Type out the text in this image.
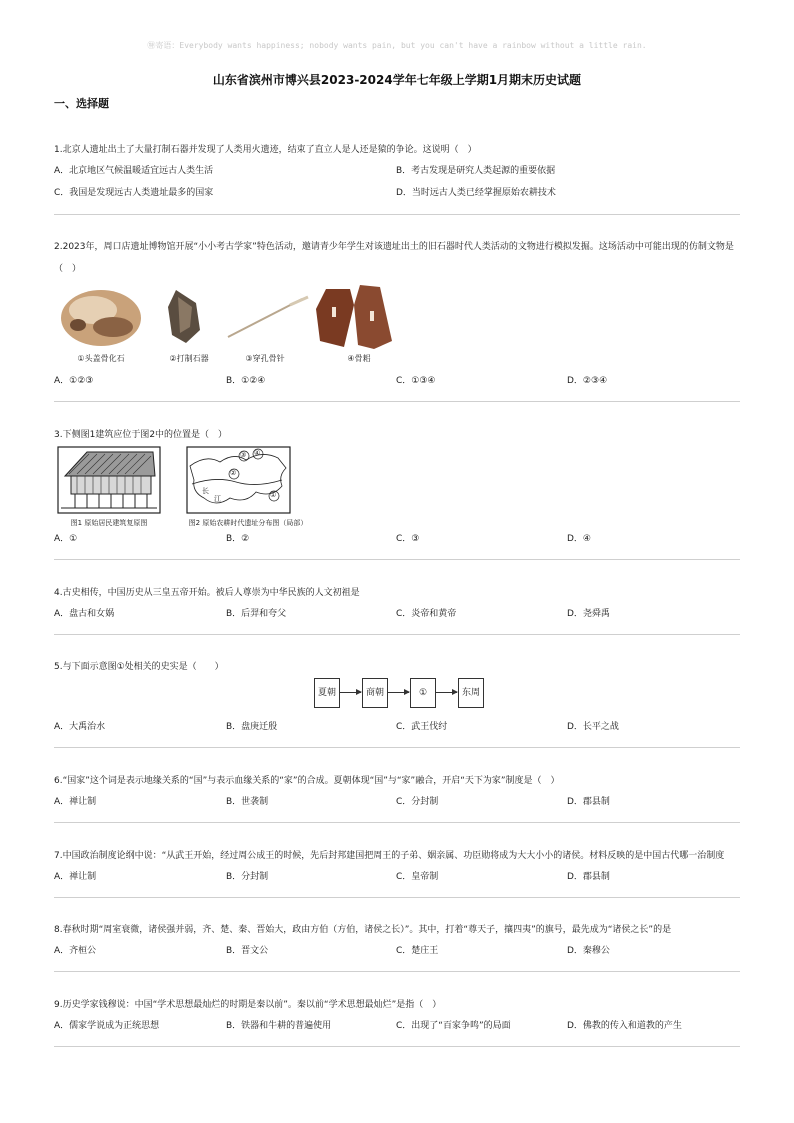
㊕寄语：Everybody wants happiness; nobody wants pain, but you can't have a rainbow without a little rain.
山东省滨州市博兴县2023-2024学年七年级上学期1月期末历史试题
一、选择题
1.北京人遗址出土了大量打制石器并发现了人类用火遗迹，结束了直立人是人还是猿的争论。这说明（　）
A．北京地区气候温暖适宜远古人类生活	B．考古发现是研究人类起源的重要依据
C．我国是发现远古人类遗址最多的国家	D．当时远古人类已经掌握原始农耕技术
2.2023年，周口店遗址博物馆开展“小小考古学家”特色活动，邀请青少年学生对该遗址出土的旧石器时代人类活动的文物进行模拟发掘。这场活动中可能出现的仿制文物是（　）
①头盖骨化石	②打制石器	③穿孔骨针	④骨耜
A．①②③	B．①②④	C．①③④	D．②③④
3.下侧图1建筑应位于图2中的位置是（　）
②
③ ④
①
长
江
图1 原始居民建筑复原图	图2 原始农耕时代遗址分布图（局部）
A．①	B．②	C．③	D．④
4.古史相传，中国历史从三皇五帝开始。被后人尊崇为中华民族的人文初祖是
A．盘古和女娲	B．后羿和夸父	C．炎帝和黄帝	D．尧舜禹
5.与下面示意图①处相关的史实是（　　）
夏朝	商朝	①	东周
A．大禹治水	B．盘庚迁殷	C．武王伐纣	D．长平之战
6.“国家”这个词是表示地缘关系的“国”与表示血缘关系的“家”的合成。夏朝体现“国”与“家”融合，开启“天下为家”制度是（　）
A．禅让制	B．世袭制	C．分封制	D．郡县制
7.中国政治制度论纲中说：“从武王开始，经过周公成王的时候，先后封邦建国把周王的子弟、姻亲属、功臣勋将成为大大小小的诸侯。材料反映的是中国古代哪一治制度
A．禅让制	B．分封制	C．皇帝制	D．郡县制
8.春秋时期“周室衰微，诸侯强并弱，齐、楚、秦、晋始大，政由方伯（方伯，诸侯之长）”。其中，打着“尊天子，攘四夷”的旗号，最先成为“诸侯之长”的是
A．齐桓公	B．晋文公	C．楚庄王	D．秦穆公
9.历史学家钱穆说：中国“学术思想最灿烂的时期是秦以前”。秦以前“学术思想最灿烂”是指（　）
A．儒家学说成为正统思想	B．铁器和牛耕的普遍使用	C．出现了“百家争鸣”的局面	D．佛教的传入和道教的产生
